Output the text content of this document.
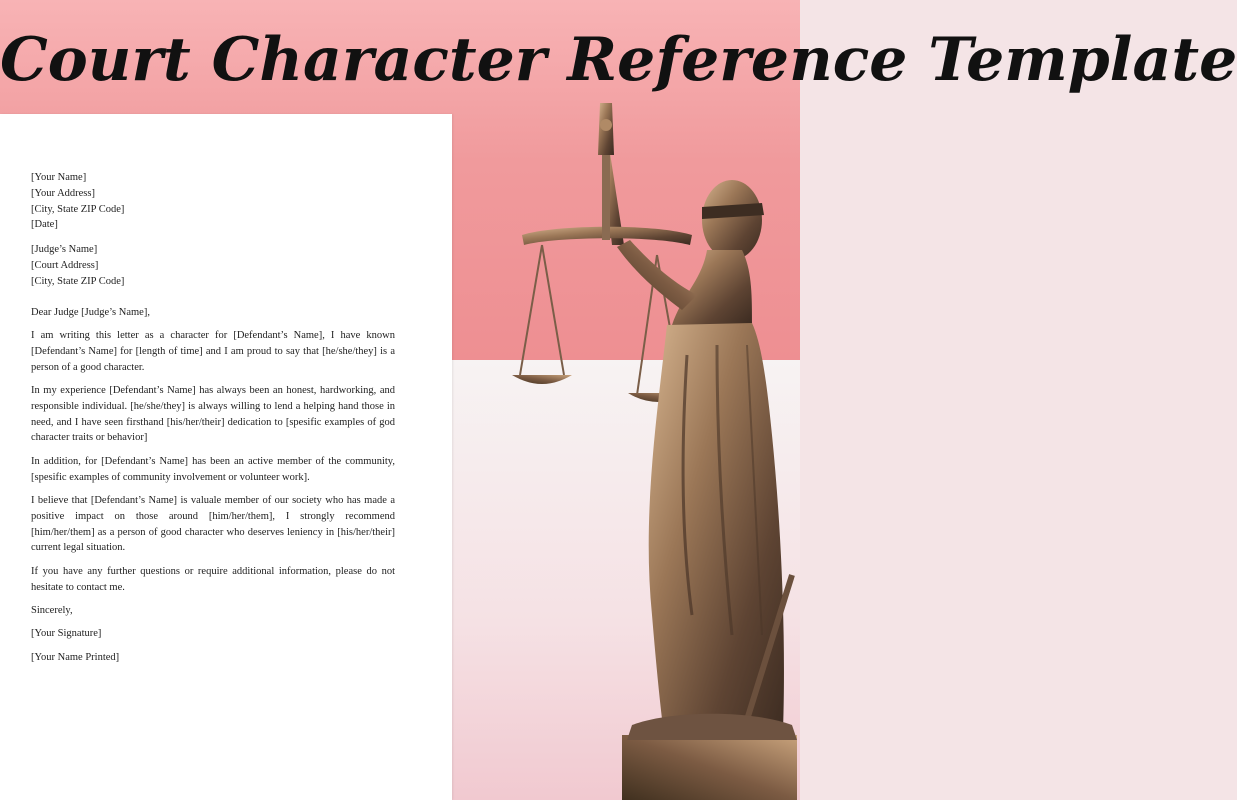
Court Character Reference Template
[Your Name]
[Your Address]
[City, State ZIP Code]
[Date]
[Judge’s Name]
[Court Address]
[City, State ZIP Code]

Dear Judge [Judge’s Name],

I am writing this letter as a character for [Defendant’s Name], I have known [Defendant’s Name] for [length of time] and I am proud to say that [he/she/they] is a person of a good character.

In my experience [Defendant’s Name] has always been an honest, hardworking, and responsible individual. [he/she/they] is always willing to lend a helping hand those in need, and I have seen firsthand [his/her/their] dedication to [spesific examples of god character traits or behavior]

In addition, for [Defendant’s Name] has been an active member of the community, [spesific examples of community involvement or volunteer work].

I believe that [Defendant’s Name] is valuale member of our society who has made a positive impact on those around [him/her/them], I strongly recommend [him/her/them] as a person of good character who deserves leniency in [his/her/their] current legal situation.

If you have any further questions or require additional information, please do not hesitate to contact me.

Sincerely,

[Your Signature]

[Your Name Printed]
